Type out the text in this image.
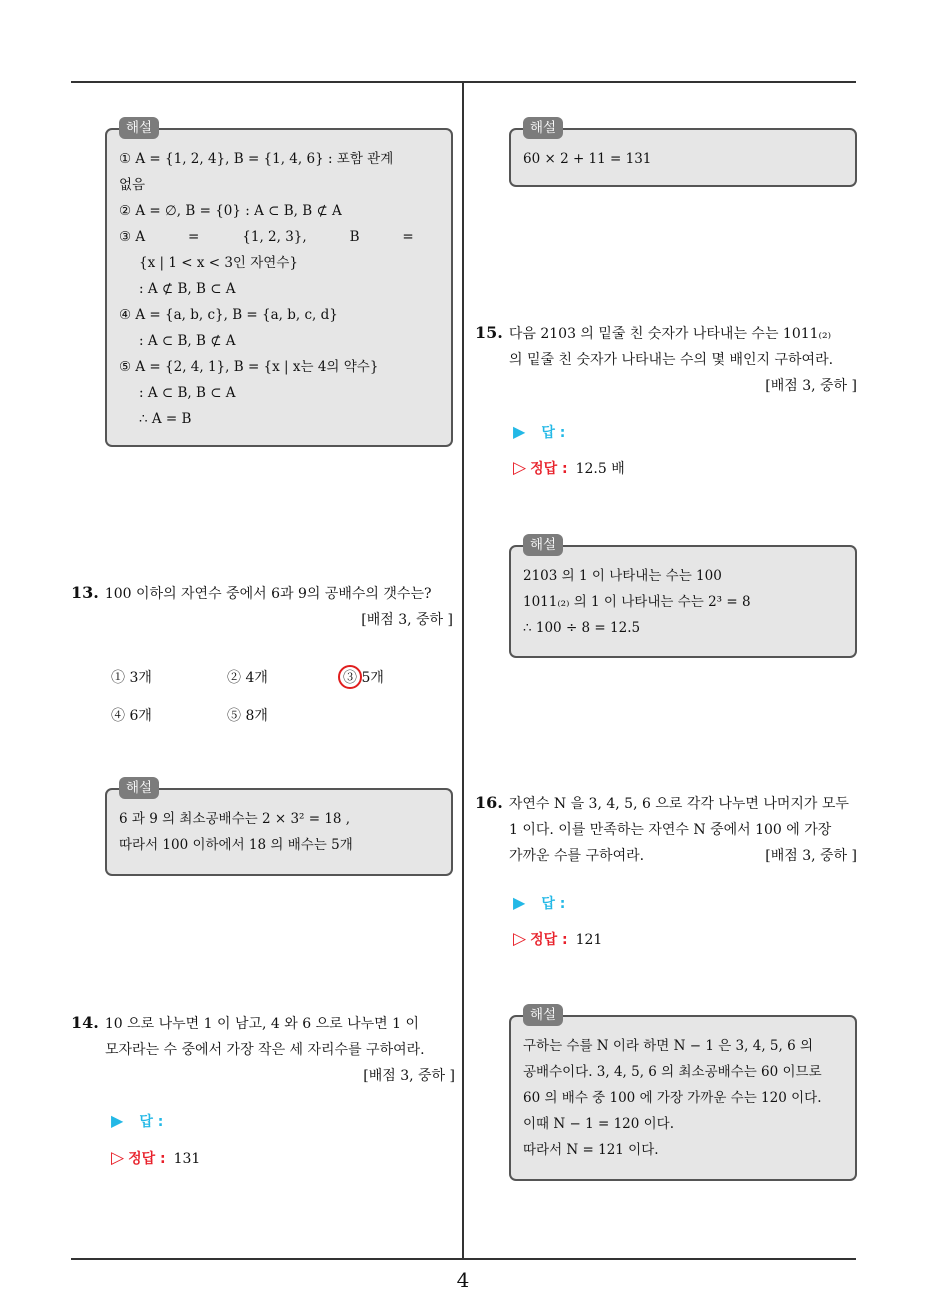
해설
① A = {1, 2, 4}, B = {1, 4, 6} : 포함 관계
없음
② A = ∅, B = {0} : A ⊂ B, B ⊄ A
③ A          =          {1, 2, 3},          B          =
{x | 1 < x < 3인 자연수}
: A ⊄ B, B ⊂ A
④ A = {a, b, c}, B = {a, b, c, d}
: A ⊂ B, B ⊄ A
⑤ A = {2, 4, 1}, B = {x | x는 4의 약수}
: A ⊂ B, B ⊂ A
∴ A = B
13. 100 이하의 자연수 중에서 6과 9의 공배수의 갯수는?
[배점 3, 중하 ]
① 3개	② 4개	③ 5개
④ 6개	⑤ 8개
해설
6 과 9 의 최소공배수는 2 × 3² = 18 ,
따라서 100 이하에서 18 의 배수는 5개
14. 10 으로 나누면 1 이 남고, 4 와 6 으로 나누면 1 이
모자라는 수 중에서 가장 작은 세 자리수를 구하여라.
[배점 3, 중하 ]
▶ 답 :
▷ 정답 : 131
해설
60 × 2 + 11 = 131
15. 다음 2103 의 밑줄 친 숫자가 나타내는 수는 1011₍₂₎
의 밑줄 친 숫자가 나타내는 수의 몇 배인지 구하여라.
[배점 3, 중하 ]
▶ 답 :
▷ 정답 : 12.5 배
해설
2103 의 1 이 나타내는 수는 100
1011₍₂₎ 의 1 이 나타내는 수는 2³ = 8
∴ 100 ÷ 8 = 12.5
16. 자연수 N 을 3, 4, 5, 6 으로 각각 나누면 나머지가 모두
1 이다. 이를 만족하는 자연수 N 중에서 100 에 가장
가까운 수를 구하여라.	[배점 3, 중하 ]
▶ 답 :
▷ 정답 : 121
해설
구하는 수를 N 이라 하면 N − 1 은 3, 4, 5, 6 의
공배수이다. 3, 4, 5, 6 의 최소공배수는 60 이므로
60 의 배수 중 100 에 가장 가까운 수는 120 이다.
이때 N − 1 = 120 이다.
따라서 N = 121 이다.
4
